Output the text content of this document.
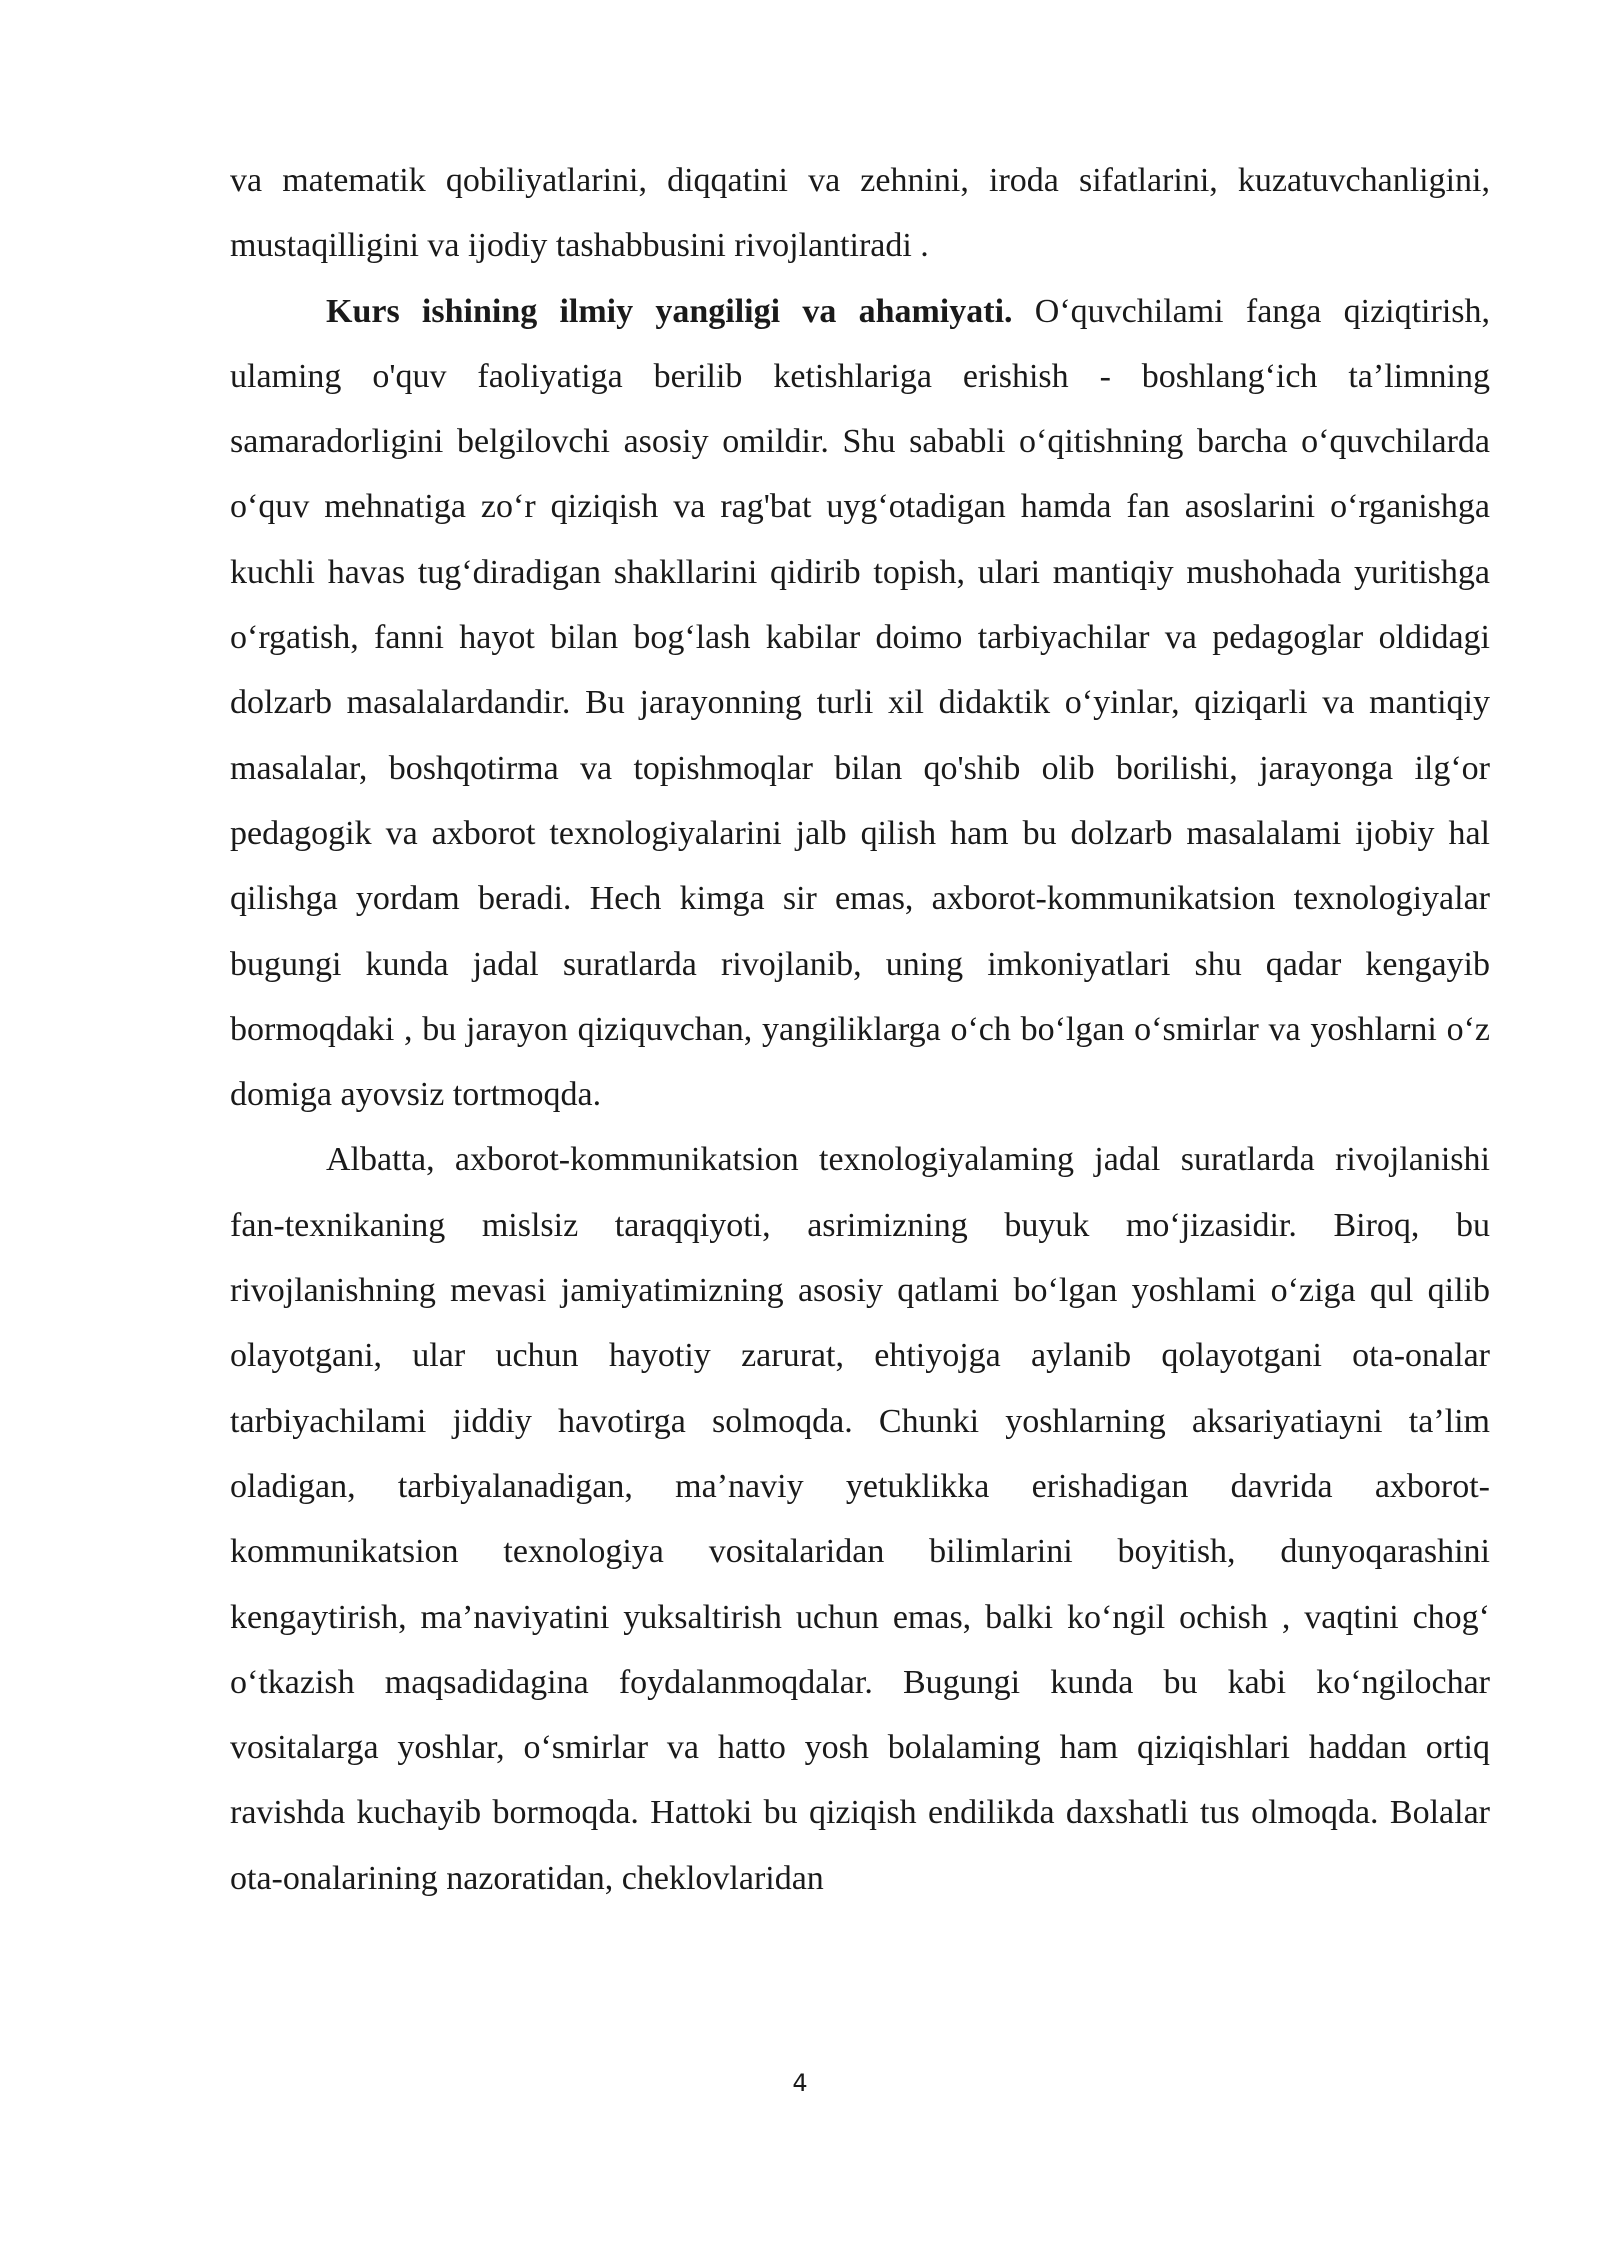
va matematik qobiliyatlarini, diqqatini va zehnini, iroda sifatlarini, kuzatuvchanligini, mustaqilligini va ijodiy tashabbusini rivojlantiradi .

Kurs ishining ilmiy yangiligi va ahamiyati. O‘quvchilami fanga qiziqtirish, ulaming o'quv faoliyatiga berilib ketishlariga erishish - boshlang‘ich ta’limning samaradorligini belgilovchi asosiy omildir. Shu sababli o‘qitishning barcha o‘quvchilarda o‘quv mehnatiga zo‘r qiziqish va rag'bat uyg‘otadigan hamda fan asoslarini o‘rganishga kuchli havas tug‘diradigan shakllarini qidirib topish, ulari mantiqiy mushohada yuritishga o‘rgatish, fanni hayot bilan bog‘lash kabilar doimo tarbiyachilar va pedagoglar oldidagi dolzarb masalalardandir. Bu jarayonning turli xil didaktik o‘yinlar, qiziqarli va mantiqiy masalalar, boshqotirma va topishmoqlar bilan qo'shib olib borilishi, jarayonga ilg‘or pedagogik va axborot texnologiyalarini jalb qilish ham bu dolzarb masalalami ijobiy hal qilishga yordam beradi. Hech kimga sir emas, axborot-kommunikatsion texnologiyalar bugungi kunda jadal suratlarda rivojlanib, uning imkoniyatlari shu qadar kengayib bormoqdaki , bu jarayon qiziquvchan, yangiliklarga o‘ch bo‘lgan o‘smirlar va yoshlarni o‘z domiga ayovsiz tortmoqda.

Albatta, axborot-kommunikatsion texnologiyalaming jadal suratlarda rivojlanishi fan-texnikaning mislsiz taraqqiyoti, asrimizning buyuk mo‘jizasidir. Biroq, bu rivojlanishning mevasi jamiyatimizning asosiy qatlami bo‘lgan yoshlami o‘ziga qul qilib olayotgani, ular uchun hayotiy zarurat, ehtiyojga aylanib qolayotgani ota-onalar tarbiyachilami jiddiy havotirga solmoqda. Chunki yoshlarning aksariyatiayni ta’lim oladigan, tarbiyalanadigan, ma’naviy yetuklikka erishadigan davrida axborot-kommunikatsion texnologiya vositalaridan bilimlarini boyitish, dunyoqarashini kengaytirish, ma’naviyatini yuksaltirish uchun emas, balki ko‘ngil ochish , vaqtini chog‘ o‘tkazish maqsadidagina foydalanmoqdalar. Bugungi kunda bu kabi ko‘ngilochar vositalarga yoshlar, o‘smirlar va hatto yosh bolalaming ham qiziqishlari haddan ortiq ravishda kuchayib bormoqda. Hattoki bu qiziqish endilikda daxshatli tus olmoqda. Bolalar ota-onalarining nazoratidan, cheklovlaridan

4
